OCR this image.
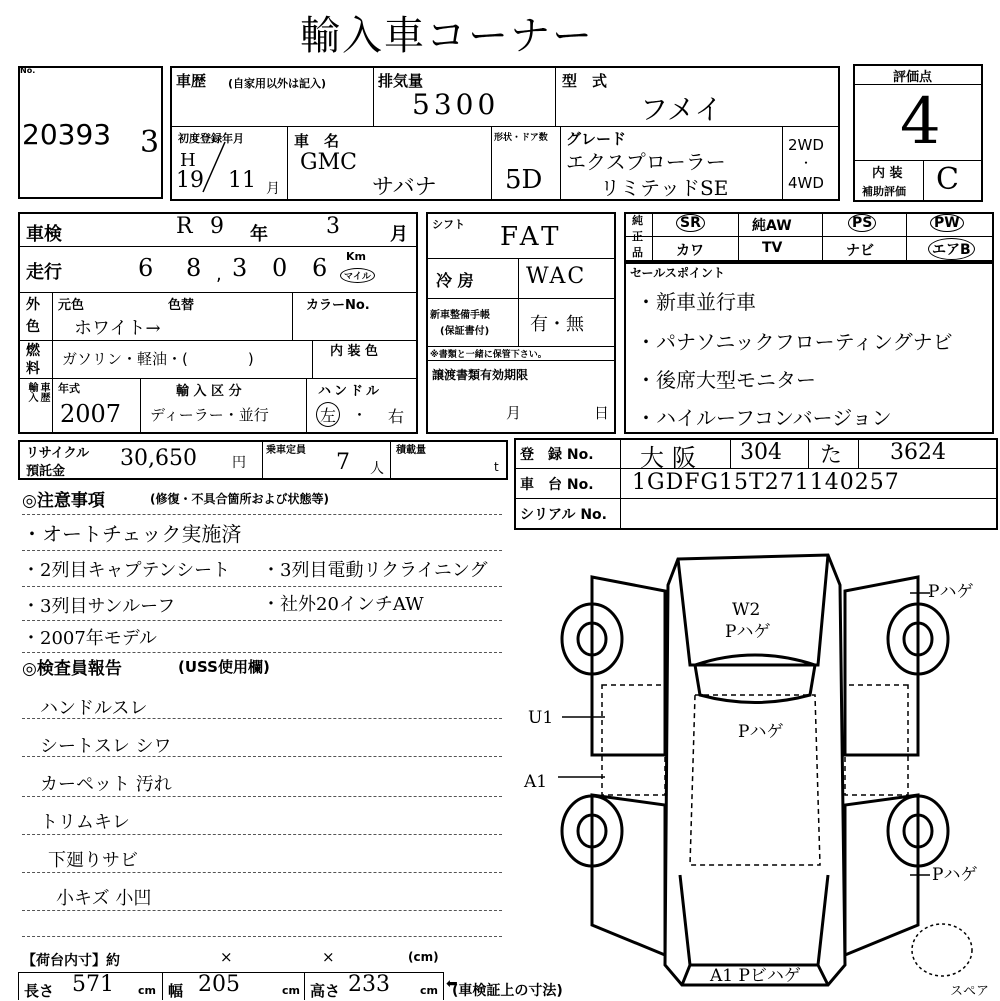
輸入車コーナー
No.
20393 3
車歴 (自家用以外は記入)	排気量
5300
型　式
フメイ
初度登録年月
H
19 11 月
車　名
GMC
サバナ
形状・ドア数
5D
グレード
エクスプローラー
リミテッドSE
2WD
・
4WD
評価点
4
内 装
補助評価 C
車検	R 9 年	3	月
走行	6 8 , 3 0 6 Km
マイル
外
色
元色	色替
ホワイト→
カラーNo.
燃
料
ガソリン・軽油・(　　　　)	内 装 色
輸入 車歴 年式
2007
輸 入 区 分
ディーラー・並行
ハンドル
左 ・ 右
シフト FAT
冷 房 WAC
新車整備手帳
(保証書付) 有・無
※書類と一緒に保管下さい。
譲渡書類有効期限
月	日
純
正
品
SR	純AW	PS	PW
カワ	TV	ナビ	エアB
セールスポイント
・新車並行車
・パナソニックフローティングナビ
・後席大型モニター
・ハイルーフコンバージョン
リサイクル
預託金
30,650	円
乗車定員 7 人
積載量
t
登　録 No. 大阪 304 た 3624
車　台 No. 1GDFG15T271140257
シリアル No.
◎注意事項	(修復・不具合箇所および状態等)
・オートチェック実施済
・2列目キャプテンシート ・3列目電動リクライニング
・3列目サンルーフ	・社外20インチAW
・2007年モデル
◎検査員報告	(USS使用欄)
ハンドルスレ
シートスレ シワ
カーペット 汚れ
トリムキレ
下廻りサビ
小キズ 小凹
【荷台内寸】約	×	×	(cm)
長さ 571 cm 幅 205	cm 高さ 233	cm (車検証上の寸法)
⬅
Pハゲ
W2
Pハゲ
Pハゲ
U1
A1
Pハゲ
A1 Pビハゲ
スペア
